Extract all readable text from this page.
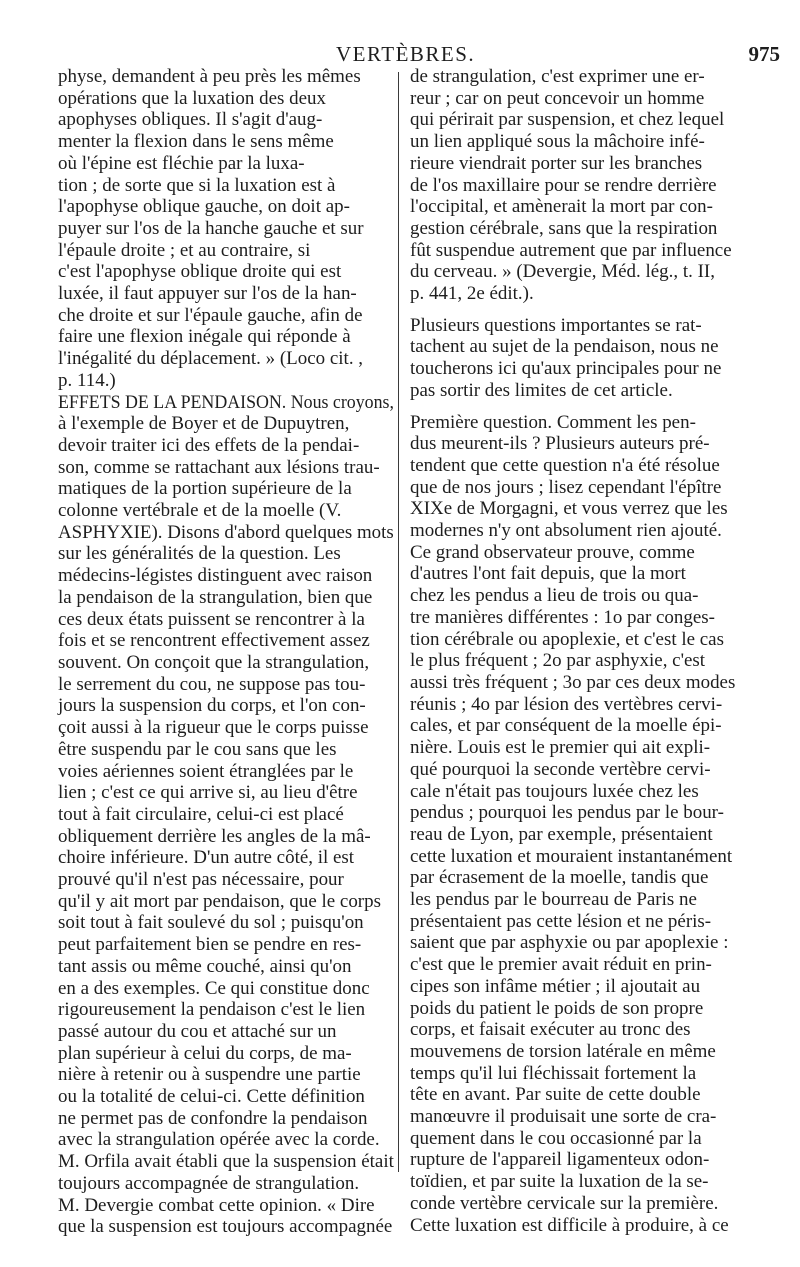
VERTÈBRES.	975
physe, demandent à peu près les mêmes
opérations que la luxation des deux
apophyses obliques. Il s'agit d'aug-
menter la flexion dans le sens même
où l'épine est fléchie par la luxa-
tion ; de sorte que si la luxation est à
l'apophyse oblique gauche, on doit ap-
puyer sur l'os de la hanche gauche et sur
l'épaule droite ; et au contraire, si
c'est l'apophyse oblique droite qui est
luxée, il faut appuyer sur l'os de la han-
che droite et sur l'épaule gauche, afin de
faire une flexion inégale qui réponde à
l'inégalité du déplacement. » (Loco cit. ,
p. 114.)
EFFETS DE LA PENDAISON. Nous croyons,
à l'exemple de Boyer et de Dupuytren,
devoir traiter ici des effets de la pendai-
son, comme se rattachant aux lésions trau-
matiques de la portion supérieure de la
colonne vertébrale et de la moelle (V.
ASPHYXIE). Disons d'abord quelques mots
sur les généralités de la question. Les
médecins-légistes distinguent avec raison
la pendaison de la strangulation, bien que
ces deux états puissent se rencontrer à la
fois et se rencontrent effectivement assez
souvent. On conçoit que la strangulation,
le serrement du cou, ne suppose pas tou-
jours la suspension du corps, et l'on con-
çoit aussi à la rigueur que le corps puisse
être suspendu par le cou sans que les
voies aériennes soient étranglées par le
lien ; c'est ce qui arrive si, au lieu d'être
tout à fait circulaire, celui-ci est placé
obliquement derrière les angles de la mâ-
choire inférieure. D'un autre côté, il est
prouvé qu'il n'est pas nécessaire, pour
qu'il y ait mort par pendaison, que le corps
soit tout à fait soulevé du sol ; puisqu'on
peut parfaitement bien se pendre en res-
tant assis ou même couché, ainsi qu'on
en a des exemples. Ce qui constitue donc
rigoureusement la pendaison c'est le lien
passé autour du cou et attaché sur un
plan supérieur à celui du corps, de ma-
nière à retenir ou à suspendre une partie
ou la totalité de celui-ci. Cette définition
ne permet pas de confondre la pendaison
avec la strangulation opérée avec la corde.
M. Orfila avait établi que la suspension était
toujours accompagnée de strangulation.
M. Devergie combat cette opinion. « Dire
que la suspension est toujours accompagnée
de strangulation, c'est exprimer une er-
reur ; car on peut concevoir un homme
qui périrait par suspension, et chez lequel
un lien appliqué sous la mâchoire infé-
rieure viendrait porter sur les branches
de l'os maxillaire pour se rendre derrière
l'occipital, et amènerait la mort par con-
gestion cérébrale, sans que la respiration
fût suspendue autrement que par influence
du cerveau. » (Devergie, Méd. lég., t. II,
p. 441, 2e édit.).
Plusieurs questions importantes se rat-
tachent au sujet de la pendaison, nous ne
toucherons ici qu'aux principales pour ne
pas sortir des limites de cet article.
Première question. Comment les pen-
dus meurent-ils ? Plusieurs auteurs pré-
tendent que cette question n'a été résolue
que de nos jours ; lisez cependant l'épître
XIXe de Morgagni, et vous verrez que les
modernes n'y ont absolument rien ajouté.
Ce grand observateur prouve, comme
d'autres l'ont fait depuis, que la mort
chez les pendus a lieu de trois ou qua-
tre manières différentes : 1o par conges-
tion cérébrale ou apoplexie, et c'est le cas
le plus fréquent ; 2o par asphyxie, c'est
aussi très fréquent ; 3o par ces deux modes
réunis ; 4o par lésion des vertèbres cervi-
cales, et par conséquent de la moelle épi-
nière. Louis est le premier qui ait expli-
qué pourquoi la seconde vertèbre cervi-
cale n'était pas toujours luxée chez les
pendus ; pourquoi les pendus par le bour-
reau de Lyon, par exemple, présentaient
cette luxation et mouraient instantanément
par écrasement de la moelle, tandis que
les pendus par le bourreau de Paris ne
présentaient pas cette lésion et ne péris-
saient que par asphyxie ou par apoplexie :
c'est que le premier avait réduit en prin-
cipes son infâme métier ; il ajoutait au
poids du patient le poids de son propre
corps, et faisait exécuter au tronc des
mouvemens de torsion latérale en même
temps qu'il lui fléchissait fortement la
tête en avant. Par suite de cette double
manœuvre il produisait une sorte de cra-
quement dans le cou occasionné par la
rupture de l'appareil ligamenteux odon-
toïdien, et par suite la luxation de la se-
conde vertèbre cervicale sur la première.
Cette luxation est difficile à produire, à ce
